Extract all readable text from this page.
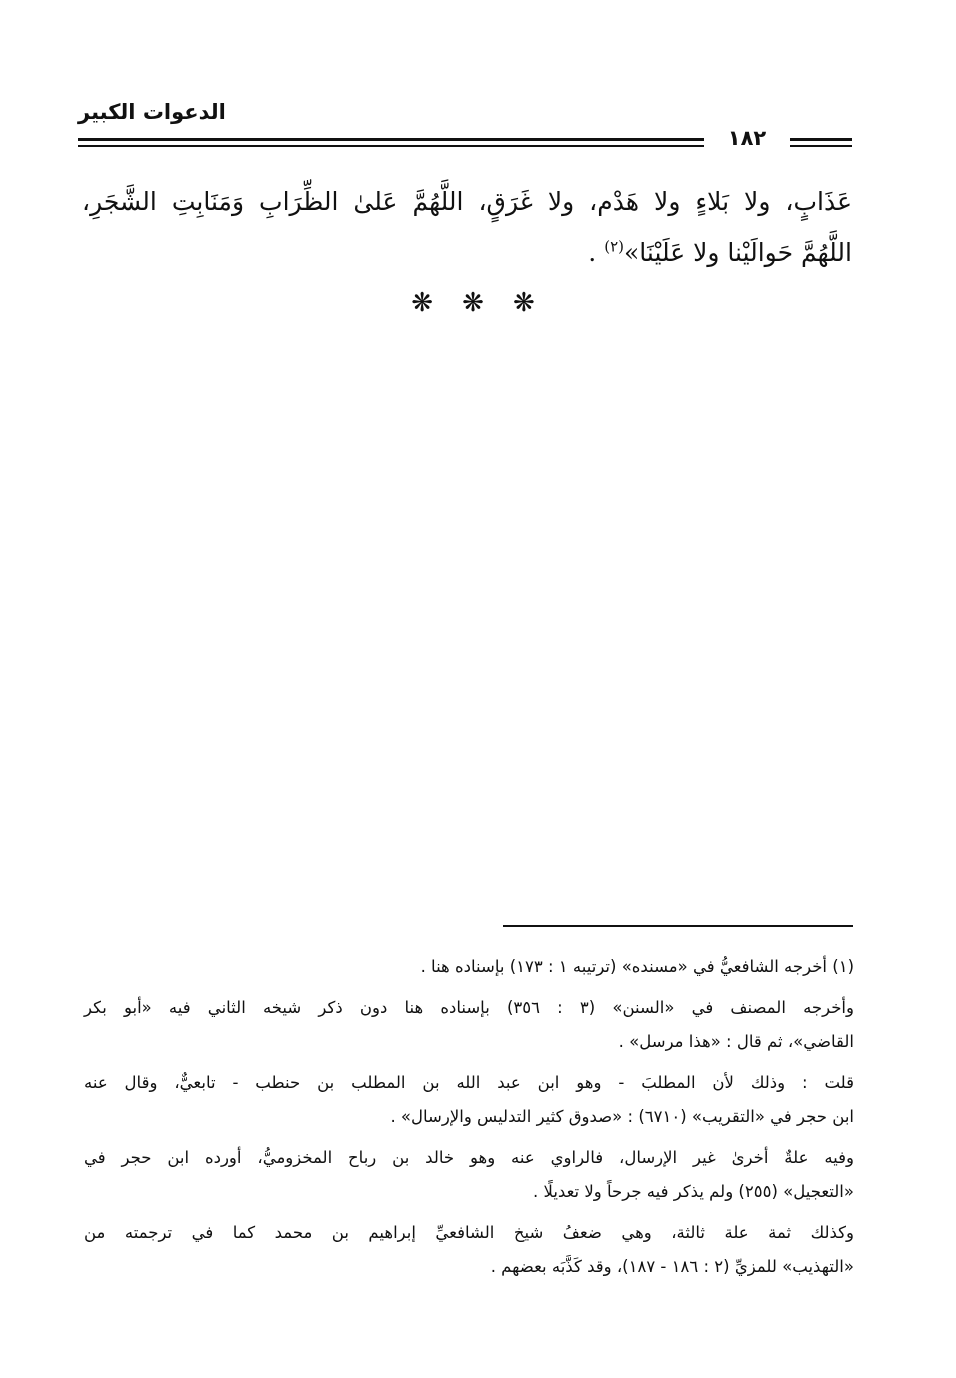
الدعوات الكبير
١٨٢
عَذَابٍ، ولا بَلاءٍ ولا هَدْم، ولا غَرَقٍ، اللَّهُمَّ عَلىٰ الظِّرَابِ وَمَنَابِتِ الشَّجَرِ،
اللَّهُمَّ حَوالَيْنا ولا عَلَيْنَا»$^{(٢)}$ .
❋ ❋ ❋
(١) أخرجه الشافعيُّ في «مسنده» (ترتيبه ١ : ١٧٣) بإسناده هنا .
وأخرجه المصنف في «السنن» (٣ : ٣٥٦) بإسناده هنا دون ذكر شيخه الثاني فيه «أبو بكر
القاضي»، ثم قال : «هذا مرسل» .
قلت : وذلك لأن المطلبَ - وهو ابن عبد الله بن المطلب بن حنطب - تابعيٌّ، وقال عنه
ابن حجر في «التقريب» (٦٧١٠) : «صدوق كثير التدليس والإرسال» .
وفيه علةٌ أخرىٰ غير الإرسال، فالراوي عنه وهو خالد بن رباح المخزوميُّ، أورده ابن حجر في
«التعجيل» (٢٥٥) ولم يذكر فيه جرحاً ولا تعديلًا .
وكذلك ثمة علة ثالثة، وهي ضعفُ شيخ الشافعيِّ إبراهيم بن محمد كما في ترجمته من
«التهذيب» للمزيِّ (٢ : ١٨٦ - ١٨٧)، وقد كَذَّبَه بعضهم .
